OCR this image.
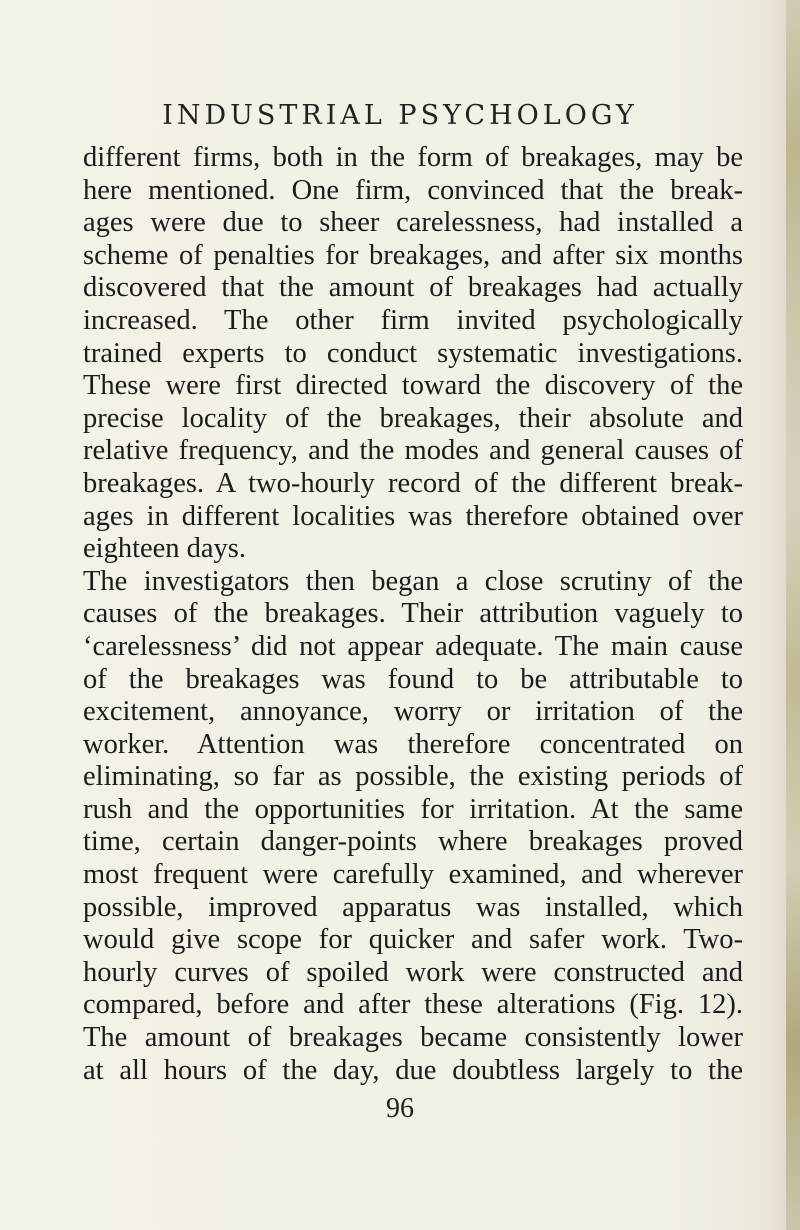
INDUSTRIAL PSYCHOLOGY
different firms, both in the form of breakages, may be
here mentioned. One firm, convinced that the break-
ages were due to sheer carelessness, had installed a
scheme of penalties for breakages, and after six months
discovered that the amount of breakages had actually
increased. The other firm invited psychologically
trained experts to conduct systematic investigations.
These were first directed toward the discovery of the
precise locality of the breakages, their absolute and
relative frequency, and the modes and general causes of
breakages. A two-hourly record of the different break-
ages in different localities was therefore obtained over
eighteen days.
The investigators then began a close scrutiny of the
causes of the breakages. Their attribution vaguely to
‘carelessness’ did not appear adequate. The main cause
of the breakages was found to be attributable to
excitement, annoyance, worry or irritation of the
worker. Attention was therefore concentrated on
eliminating, so far as possible, the existing periods of
rush and the opportunities for irritation. At the same
time, certain danger-points where breakages proved
most frequent were carefully examined, and wherever
possible, improved apparatus was installed, which
would give scope for quicker and safer work. Two-
hourly curves of spoiled work were constructed and
compared, before and after these alterations (Fig. 12).
The amount of breakages became consistently lower
at all hours of the day, due doubtless largely to the
96
